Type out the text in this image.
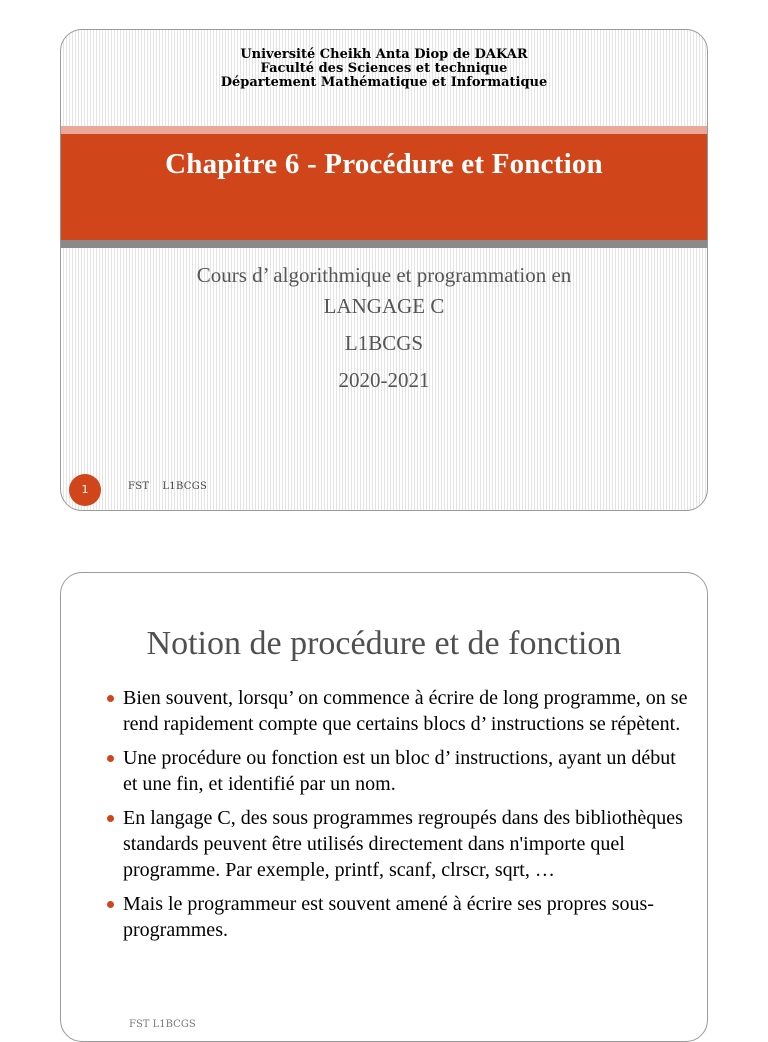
Université Cheikh Anta Diop de DAKAR
Faculté des Sciences et technique
Département Mathématique et Informatique
Chapitre 6 - Procédure et Fonction
Cours d’ algorithmique et programmation en
LANGAGE C
L1BCGS
2020-2021
1	FST L1BCGS
Notion de procédure et de fonction
Bien souvent, lorsqu’ on commence à écrire de long programme, on se rend rapidement compte que certains blocs d’ instructions se répètent.
Une procédure ou fonction est un bloc d’ instructions, ayant un début et une fin, et identifié par un nom.
En langage C, des sous programmes regroupés dans des bibliothèques standards peuvent être utilisés directement dans n'importe quel programme. Par exemple, printf, scanf, clrscr, sqrt, …
Mais le programmeur est souvent amené à écrire ses propres sous-programmes.
FST L1BCGS
